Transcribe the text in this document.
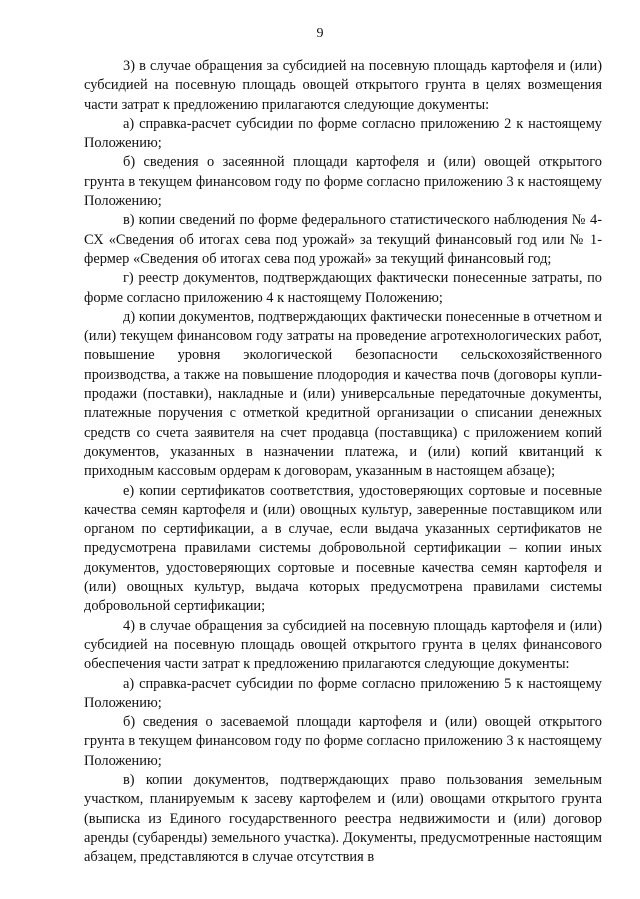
9

3) в случае обращения за субсидией на посевную площадь картофеля и (или) субсидией на посевную площадь овощей открытого грунта в целях возмещения части затрат к предложению прилагаются следующие документы:

а) справка-расчет субсидии по форме согласно приложению 2 к настоящему Положению;

б) сведения о засеянной площади картофеля и (или) овощей открытого грунта в текущем финансовом году по форме согласно приложению 3 к настоящему Положению;

в) копии сведений по форме федерального статистического наблюдения № 4-СХ «Сведения об итогах сева под урожай» за текущий финансовый год или № 1-фермер «Сведения об итогах сева под урожай» за текущий финансовый год;

г) реестр документов, подтверждающих фактически понесенные затраты, по форме согласно приложению 4 к настоящему Положению;

д) копии документов, подтверждающих фактически понесенные в отчетном и (или) текущем финансовом году затраты на проведение агротехнологических работ, повышение уровня экологической безопасности сельскохозяйственного производства, а также на повышение плодородия и качества почв (договоры купли-продажи (поставки), накладные и (или) универсальные передаточные документы, платежные поручения с отметкой кредитной организации о списании денежных средств со счета заявителя на счет продавца (поставщика) с приложением копий документов, указанных в назначении платежа, и (или) копий квитанций к приходным кассовым ордерам к договорам, указанным в настоящем абзаце);

е) копии сертификатов соответствия, удостоверяющих сортовые и посевные качества семян картофеля и (или) овощных культур, заверенные поставщиком или органом по сертификации, а в случае, если выдача указанных сертификатов не предусмотрена правилами системы добровольной сертификации – копии иных документов, удостоверяющих сортовые и посевные качества семян картофеля и (или) овощных культур, выдача которых предусмотрена правилами системы добровольной сертификации;

4) в случае обращения за субсидией на посевную площадь картофеля и (или) субсидией на посевную площадь овощей открытого грунта в целях финансового обеспечения части затрат к предложению прилагаются следующие документы:

а) справка-расчет субсидии по форме согласно приложению 5 к настоящему Положению;

б) сведения о засеваемой площади картофеля и (или) овощей открытого грунта в текущем финансовом году по форме согласно приложению 3 к настоящему Положению;

в) копии документов, подтверждающих право пользования земельным участком, планируемым к засеву картофелем и (или) овощами открытого грунта (выписка из Единого государственного реестра недвижимости и (или) договор аренды (субаренды) земельного участка). Документы, предусмотренные настоящим абзацем, представляются в случае отсутствия в
